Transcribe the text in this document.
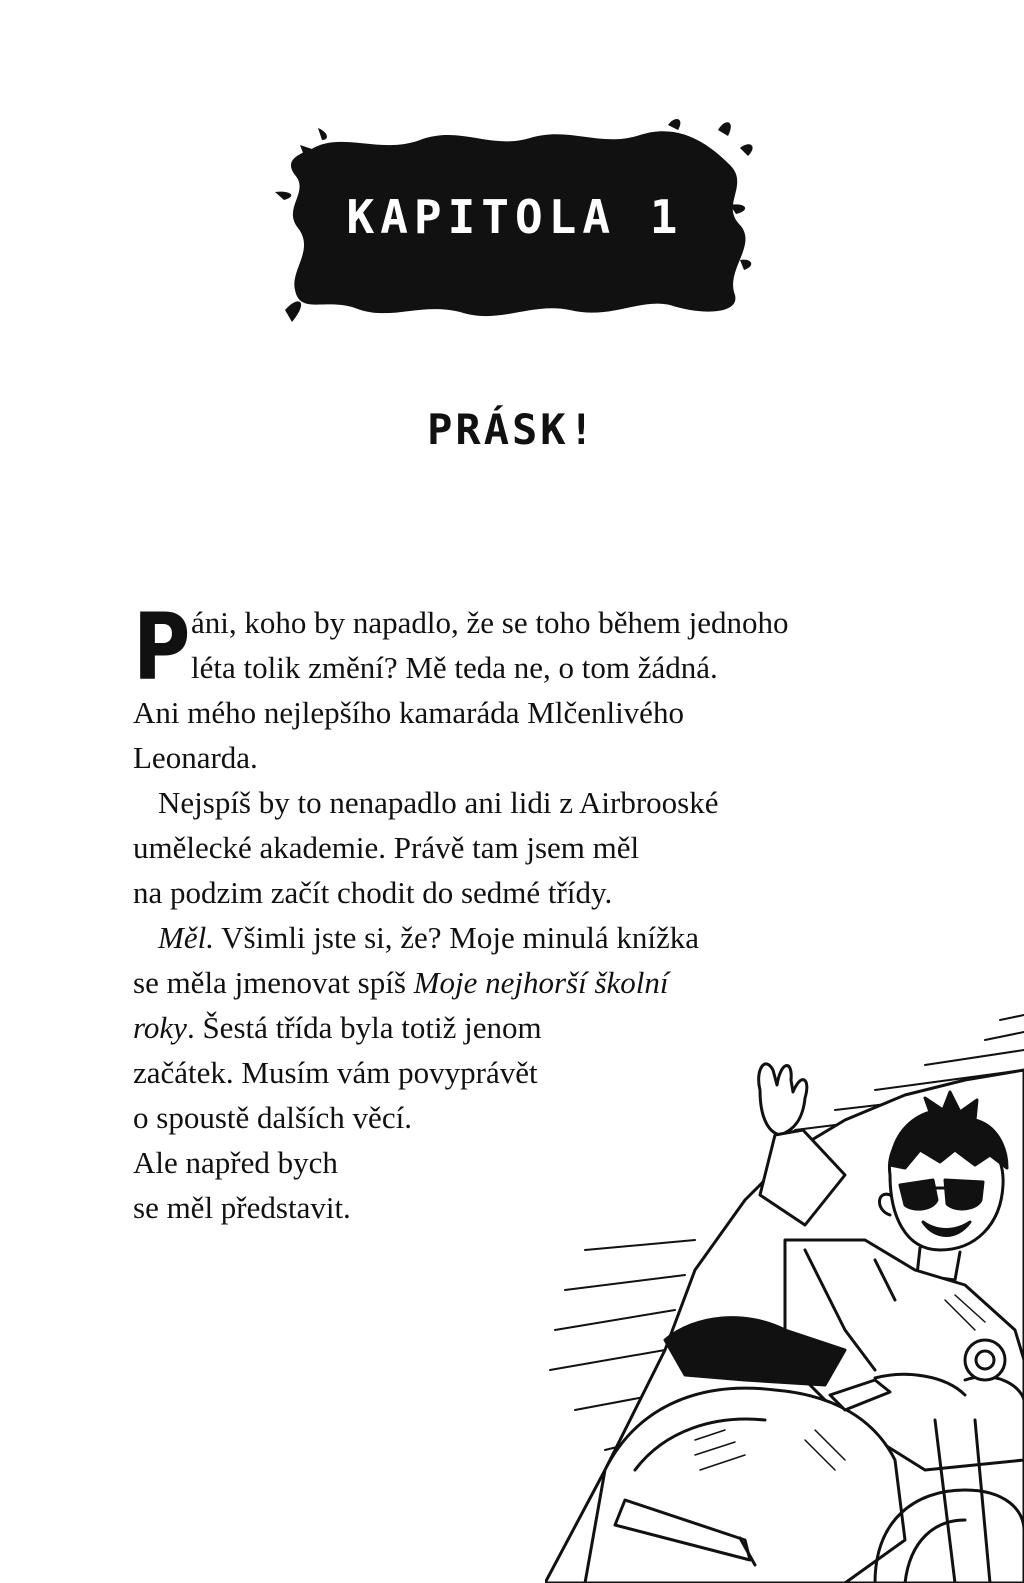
KAPITOLA 1
PRÁSK!
P áni, koho by napadlo, že se toho během jednoho
léta tolik změní? Mě teda ne, o tom žádná.
Ani mého nejlepšího kamaráda Mlčenlivého
Leonarda.
Nejspíš by to nenapadlo ani lidi z Airbrooské
umělecké akademie. Právě tam jsem měl
na podzim začít chodit do sedmé třídy.
Měl. Všimli jste si, že? Moje minulá knížka
se měla jmenovat spíš Moje nejhorší školní
roky. Šestá třída byla totiž jenom
začátek. Musím vám povyprávět
o spoustě dalších věcí.
Ale napřed bych
se měl představit.
